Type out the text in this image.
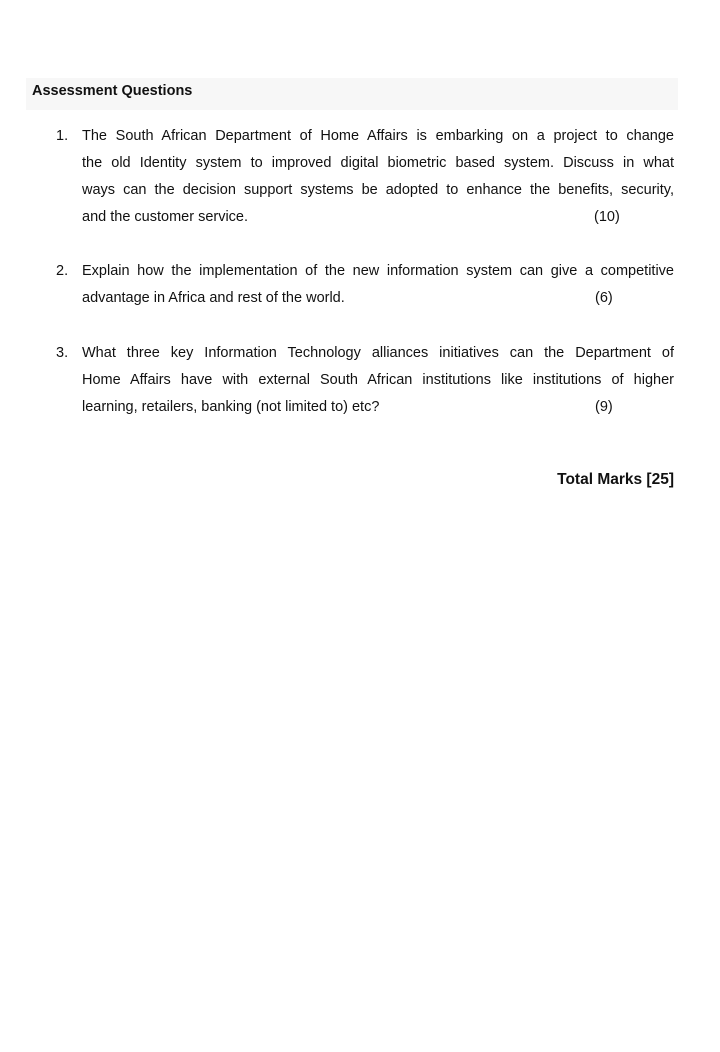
Assessment Questions
1. The South African Department of Home Affairs is embarking on a project to change
the old Identity system to improved digital biometric based system. Discuss in what
ways can the decision support systems be adopted to enhance the benefits, security,
and the customer service.	(10)
2. Explain how the implementation of the new information system can give a competitive
advantage in Africa and rest of the world.	(6)
3. What three key Information Technology alliances initiatives can the Department of
Home Affairs have with external South African institutions like institutions of higher
learning, retailers, banking (not limited to) etc?	(9)
Total Marks [25]
